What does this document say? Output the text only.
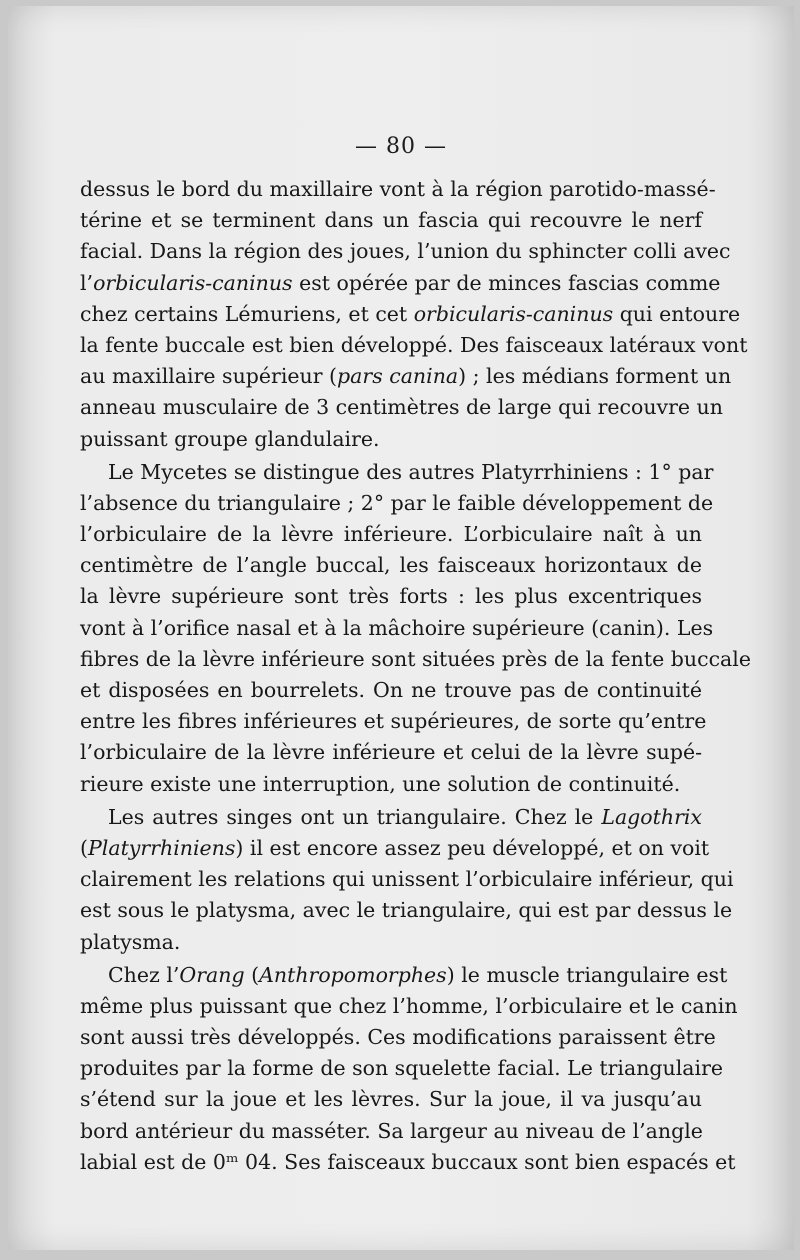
— 80 —
dessus le bord du maxillaire vont à la région parotido-massé-
térine et se terminent dans un fascia qui recouvre le nerf
facial. Dans la région des joues, l’union du sphincter colli avec
l’orbicularis-caninus est opérée par de minces fascias comme
chez certains Lémuriens, et cet orbicularis-caninus qui entoure
la fente buccale est bien développé. Des faisceaux latéraux vont
au maxillaire supérieur (pars canina) ; les médians forment un
anneau musculaire de 3 centimètres de large qui recouvre un
puissant groupe glandulaire.
Le Mycetes se distingue des autres Platyrrhiniens : 1° par
l’absence du triangulaire ; 2° par le faible développement de
l’orbiculaire de la lèvre inférieure. L’orbiculaire naît à un
centimètre de l’angle buccal, les faisceaux horizontaux de
la lèvre supérieure sont très forts : les plus excentriques
vont à l’orifice nasal et à la mâchoire supérieure (canin). Les
fibres de la lèvre inférieure sont situées près de la fente buccale
et disposées en bourrelets. On ne trouve pas de continuité
entre les fibres inférieures et supérieures, de sorte qu’entre
l’orbiculaire de la lèvre inférieure et celui de la lèvre supé-
rieure existe une interruption, une solution de continuité.
Les autres singes ont un triangulaire. Chez le Lagothrix
(Platyrrhiniens) il est encore assez peu développé, et on voit
clairement les relations qui unissent l’orbiculaire inférieur, qui
est sous le platysma, avec le triangulaire, qui est par dessus le
platysma.
Chez l’Orang (Anthropomorphes) le muscle triangulaire est
même plus puissant que chez l’homme, l’orbiculaire et le canin
sont aussi très développés. Ces modifications paraissent être
produites par la forme de son squelette facial. Le triangulaire
s’étend sur la joue et les lèvres. Sur la joue, il va jusqu’au
bord antérieur du masséter. Sa largeur au niveau de l’angle
labial est de 0ᵐ 04. Ses faisceaux buccaux sont bien espacés et
